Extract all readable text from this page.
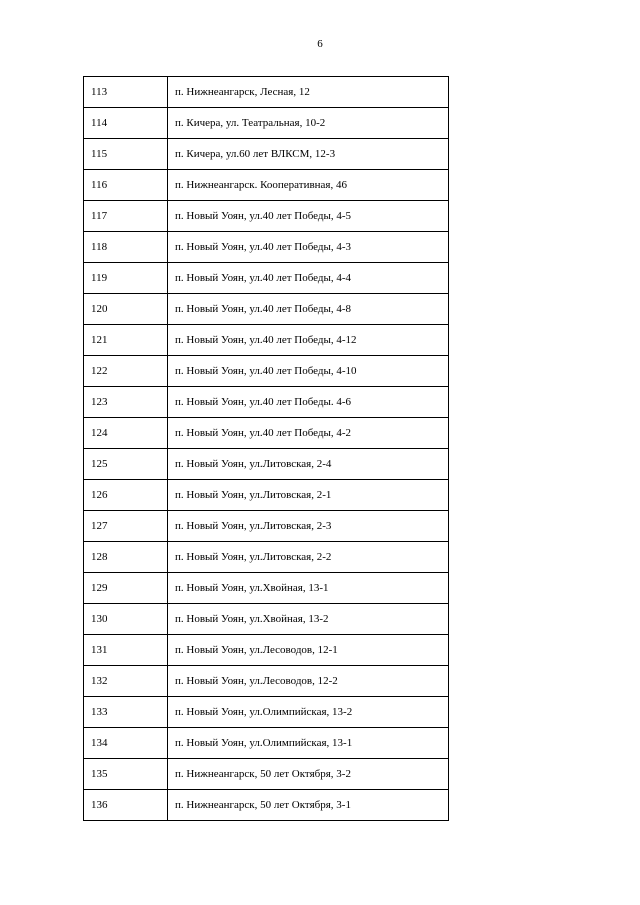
6
113	п. Нижнеангарск, Лесная, 12
114	п. Кичера, ул. Театральная, 10-2
115	п. Кичера, ул.60 лет ВЛКСМ, 12-3
116	п. Нижнеангарск. Кооперативная, 46
117	п. Новый Уоян, ул.40 лет Победы, 4-5
118	п. Новый Уоян, ул.40 лет Победы, 4-3
119	п. Новый Уоян, ул.40 лет Победы, 4-4
120	п. Новый Уоян, ул.40 лет Победы, 4-8
121	п. Новый Уоян, ул.40 лет Победы, 4-12
122	п. Новый Уоян, ул.40 лет Победы, 4-10
123	п. Новый Уоян, ул.40 лет Победы. 4-6
124	п. Новый Уоян, ул.40 лет Победы, 4-2
125	п. Новый Уоян, ул.Литовская, 2-4
126	п. Новый Уоян, ул.Литовская, 2-1
127	п. Новый Уоян, ул.Литовская, 2-3
128	п. Новый Уоян, ул.Литовская, 2-2
129	п. Новый Уоян, ул.Хвойная, 13-1
130	п. Новый Уоян, ул.Хвойная, 13-2
131	п. Новый Уоян, ул.Лесоводов, 12-1
132	п. Новый Уоян, ул.Лесоводов, 12-2
133	п. Новый Уоян, ул.Олимпийская, 13-2
134	п. Новый Уоян, ул.Олимпийская, 13-1
135	п. Нижнеангарск, 50 лет Октября, 3-2
136	п. Нижнеангарск, 50 лет Октября, 3-1
